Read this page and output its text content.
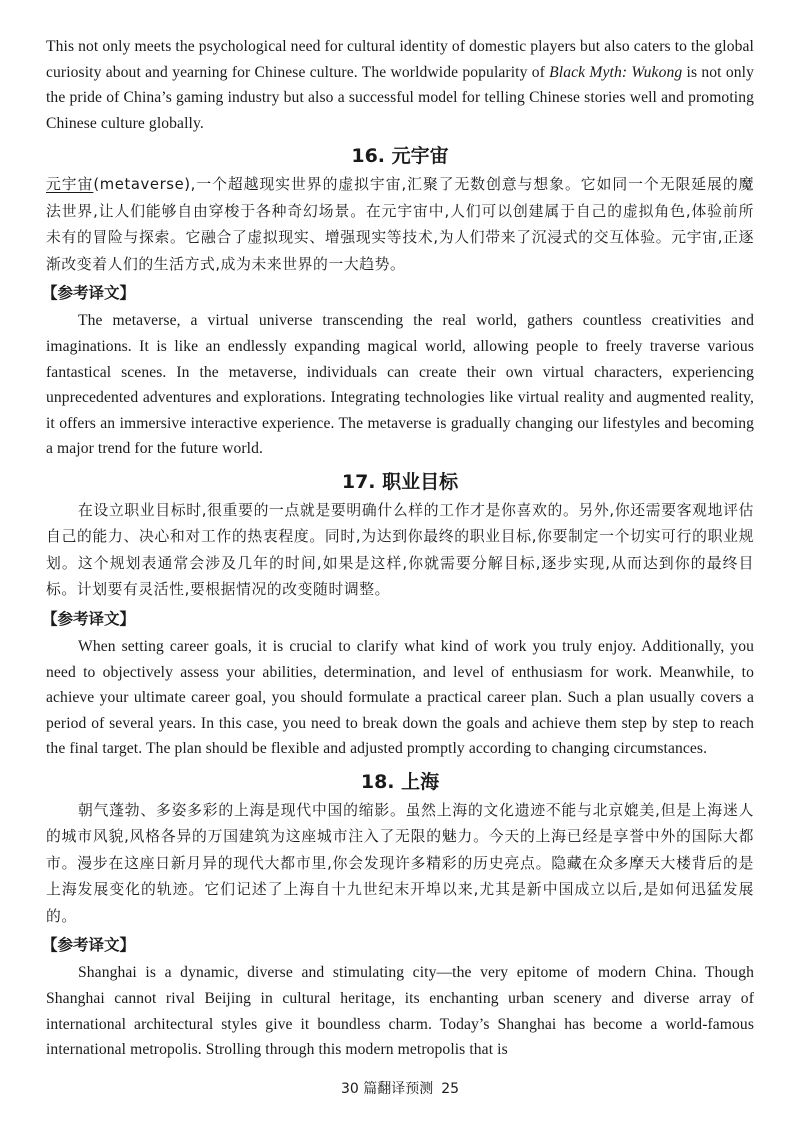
This not only meets the psychological need for cultural identity of domestic players but also caters to the global curiosity about and yearning for Chinese culture. The worldwide popularity of Black Myth: Wukong is not only the pride of China’s gaming industry but also a successful model for telling Chinese stories well and promoting Chinese culture globally.

16. 元宇宙

元宇宙(metaverse),一个超越现实世界的虚拟宇宙,汇聚了无数创意与想象。它如同一个无限延展的魔法世界,让人们能够自由穿梭于各种奇幻场景。在元宇宙中,人们可以创建属于自己的虚拟角色,体验前所未有的冒险与探索。它融合了虚拟现实、增强现实等技术,为人们带来了沉浸式的交互体验。元宇宙,正逐渐改变着人们的生活方式,成为未来世界的一大趋势。

【参考译文】

The metaverse, a virtual universe transcending the real world, gathers countless creativities and imaginations. It is like an endlessly expanding magical world, allowing people to freely traverse various fantastical scenes. In the metaverse, individuals can create their own virtual characters, experiencing unprecedented adventures and explorations. Integrating technologies like virtual reality and augmented reality, it offers an immersive interactive experience. The metaverse is gradually changing our lifestyles and becoming a major trend for the future world.

17. 职业目标

在设立职业目标时,很重要的一点就是要明确什么样的工作才是你喜欢的。另外,你还需要客观地评估自己的能力、决心和对工作的热衷程度。同时,为达到你最终的职业目标,你要制定一个切实可行的职业规划。这个规划表通常会涉及几年的时间,如果是这样,你就需要分解目标,逐步实现,从而达到你的最终目标。计划要有灵活性,要根据情况的改变随时调整。

【参考译文】

When setting career goals, it is crucial to clarify what kind of work you truly enjoy. Additionally, you need to objectively assess your abilities, determination, and level of enthusiasm for work. Meanwhile, to achieve your ultimate career goal, you should formulate a practical career plan. Such a plan usually covers a period of several years. In this case, you need to break down the goals and achieve them step by step to reach the final target. The plan should be flexible and adjusted promptly according to changing circumstances.

18. 上海

朝气蓬勃、多姿多彩的上海是现代中国的缩影。虽然上海的文化遗迹不能与北京媲美,但是上海迷人的城市风貌,风格各异的万国建筑为这座城市注入了无限的魅力。今天的上海已经是享誉中外的国际大都市。漫步在这座日新月异的现代大都市里,你会发现许多精彩的历史亮点。隐藏在众多摩天大楼背后的是上海发展变化的轨迹。它们记述了上海自十九世纪末开埠以来,尤其是新中国成立以后,是如何迅猛发展的。

【参考译文】

Shanghai is a dynamic, diverse and stimulating city—the very epitome of modern China. Though Shanghai cannot rival Beijing in cultural heritage, its enchanting urban scenery and diverse array of international architectural styles give it boundless charm. Today’s Shanghai has become a world-famous international metropolis. Strolling through this modern metropolis that is

30 篇翻译预测 25
